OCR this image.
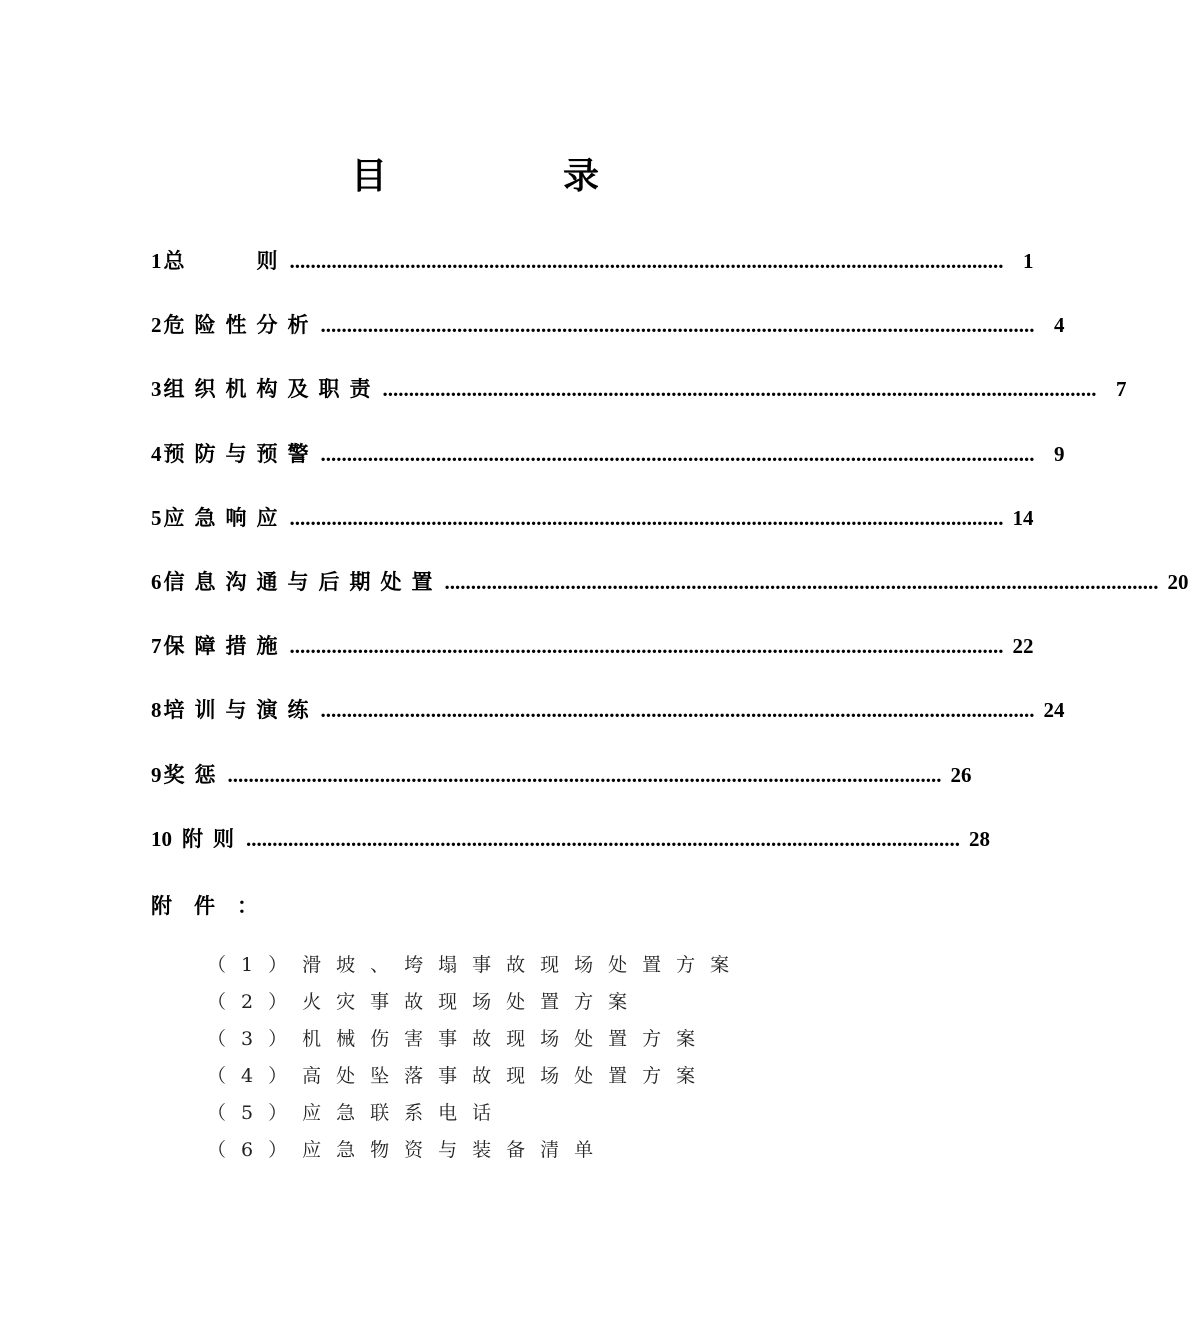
目　录
1总　　则 ........................................................................................................................................ 1
2危险性分析 ........................................................................................................................................ 4
3组织机构及职责 ........................................................................................................................................ 7
4预防与预警 ........................................................................................................................................ 9
5应急响应 ........................................................................................................................................ 14
6信息沟通与后期处置 ........................................................................................................................................ 20
7保障措施 ........................................................................................................................................ 22
8培训与演练 ........................................................................................................................................ 24
9奖惩 ........................................................................................................................................ 26
10 附则 ........................................................................................................................................ 28
附件：
（1）滑坡、垮塌事故现场处置方案
（2）火灾事故现场处置方案
（3）机械伤害事故现场处置方案
（4）高处坠落事故现场处置方案
（5）应急联系电话
（6）应急物资与装备清单
